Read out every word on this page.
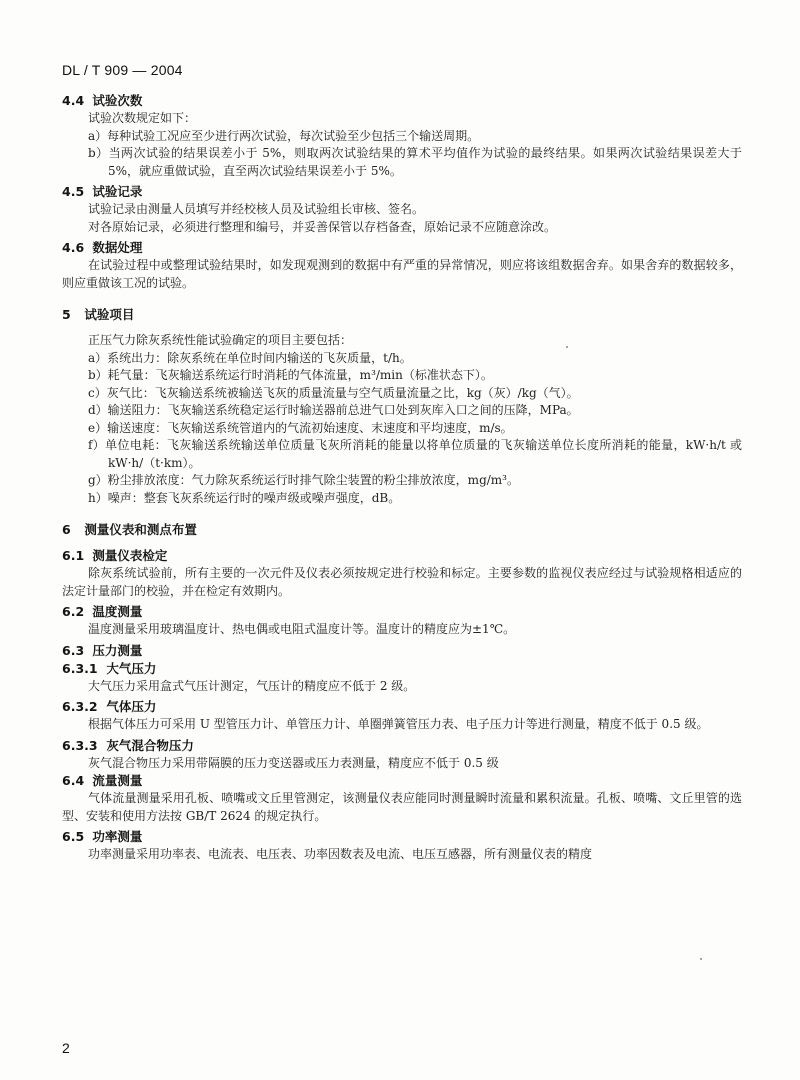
DL / T 909 — 2004
4.4 试验次数
试验次数规定如下：
a）每种试验工况应至少进行两次试验，每次试验至少包括三个输送周期。
b）当两次试验的结果误差小于 5%，则取两次试验结果的算术平均值作为试验的最终结果。如果两次试验结果误差大于 5%，就应重做试验，直至两次试验结果误差小于 5%。
4.5 试验记录
试验记录由测量人员填写并经校核人员及试验组长审核、签名。
对各原始记录，必须进行整理和编号，并妥善保管以存档备查，原始记录不应随意涂改。
4.6 数据处理
在试验过程中或整理试验结果时，如发现观测到的数据中有严重的异常情况，则应将该组数据舍弃。如果舍弃的数据较多，则应重做该工况的试验。
5 试验项目
正压气力除灰系统性能试验确定的项目主要包括：
a）系统出力：除灰系统在单位时间内输送的飞灰质量，t/h。
b）耗气量：飞灰输送系统运行时消耗的气体流量，m³/min（标准状态下）。
c）灰气比：飞灰输送系统被输送飞灰的质量流量与空气质量流量之比，kg（灰）/kg（气）。
d）输送阻力：飞灰输送系统稳定运行时输送器前总进气口处到灰库入口之间的压降，MPa。
e）输送速度：飞灰输送系统管道内的气流初始速度、末速度和平均速度，m/s。
f）单位电耗：飞灰输送系统输送单位质量飞灰所消耗的能量以将单位质量的飞灰输送单位长度所消耗的能量，kW·h/t 或 kW·h/（t·km）。
g）粉尘排放浓度：气力除灰系统运行时排气除尘装置的粉尘排放浓度，mg/m³。
h）噪声：整套飞灰系统运行时的噪声级或噪声强度，dB。
6 测量仪表和测点布置
6.1 测量仪表检定
除灰系统试验前，所有主要的一次元件及仪表必须按规定进行校验和标定。主要参数的监视仪表应经过与试验规格相适应的法定计量部门的校验，并在检定有效期内。
6.2 温度测量
温度测量采用玻璃温度计、热电偶或电阻式温度计等。温度计的精度应为±1℃。
6.3 压力测量
6.3.1 大气压力
大气压力采用盒式气压计测定，气压计的精度应不低于 2 级。
6.3.2 气体压力
根据气体压力可采用 U 型管压力计、单管压力计、单圈弹簧管压力表、电子压力计等进行测量，精度不低于 0.5 级。
6.3.3 灰气混合物压力
灰气混合物压力采用带隔膜的压力变送器或压力表测量，精度应不低于 0.5 级
6.4 流量测量
气体流量测量采用孔板、喷嘴或文丘里管测定，该测量仪表应能同时测量瞬时流量和累积流量。孔板、喷嘴、文丘里管的选型、安装和使用方法按 GB/T 2624 的规定执行。
6.5 功率测量
功率测量采用功率表、电流表、电压表、功率因数表及电流、电压互感器，所有测量仪表的精度
2
